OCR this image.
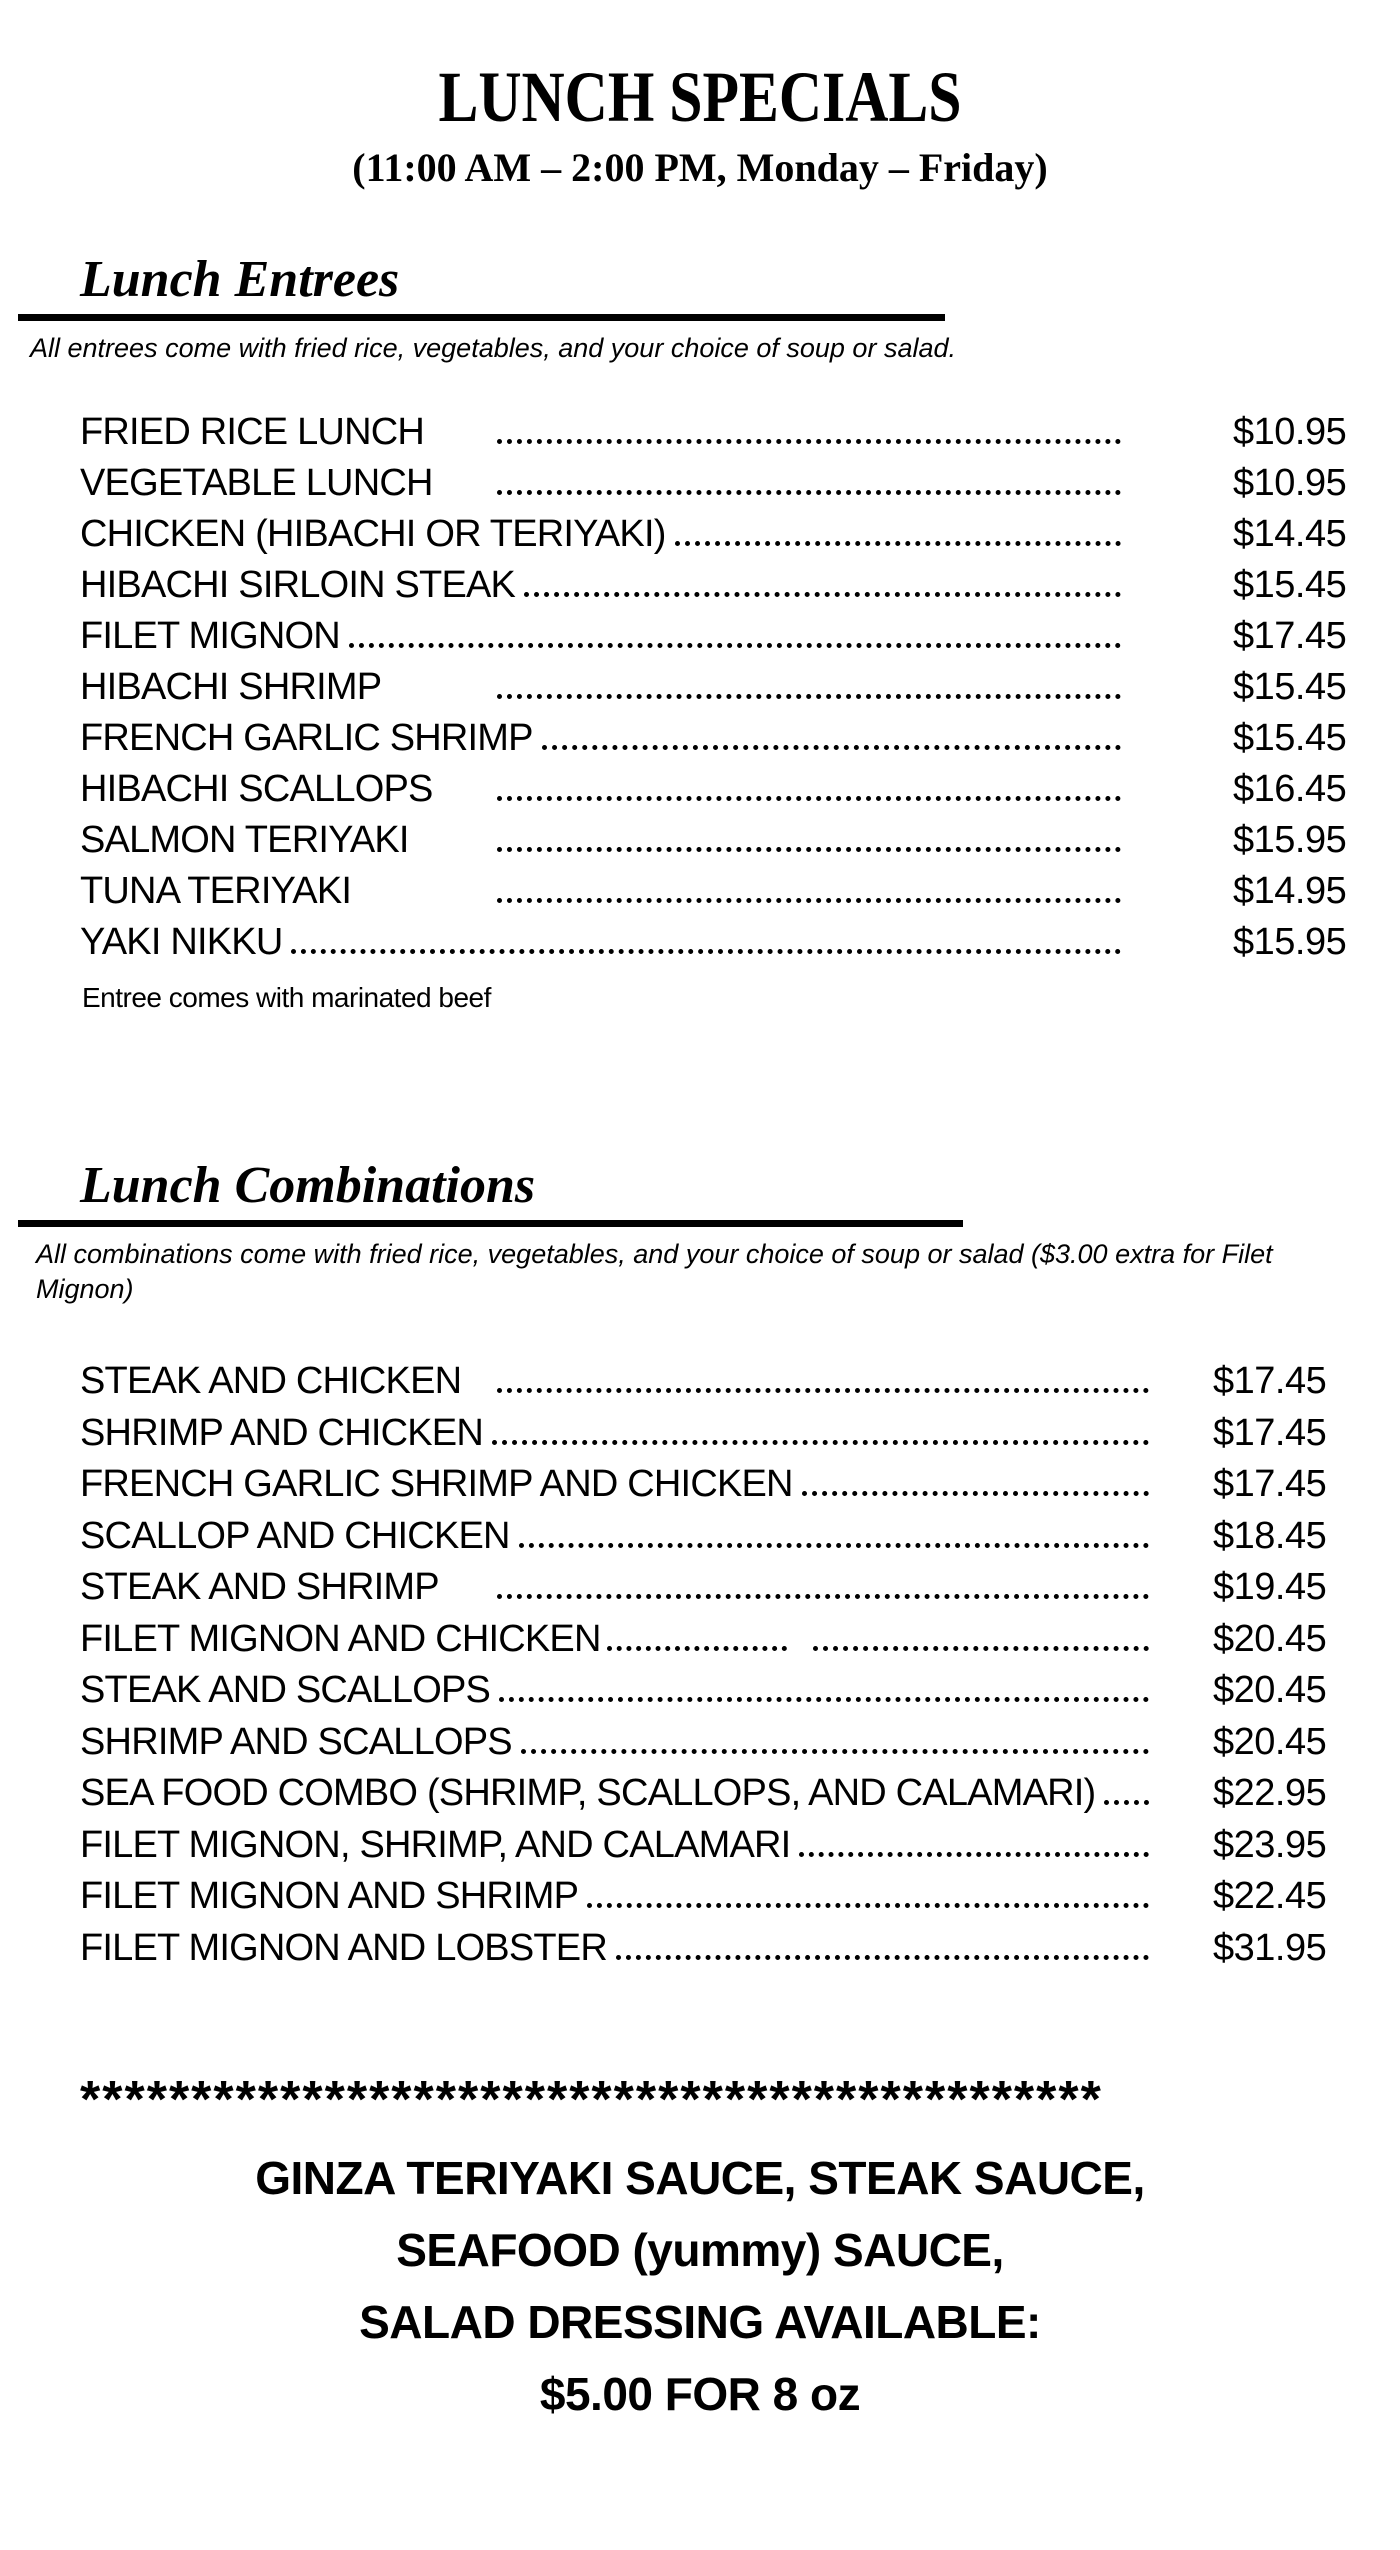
LUNCH SPECIALS
(11:00 AM – 2:00 PM, Monday – Friday)
Lunch Entrees

All entrees come with fried rice, vegetables, and your choice of soup or salad.

FRIED RICE LUNCH	$10.95
VEGETABLE LUNCH	$10.95
CHICKEN (HIBACHI OR TERIYAKI)	$14.45
HIBACHI SIRLOIN STEAK	$15.45
FILET MIGNON	$17.45
HIBACHI SHRIMP	$15.45
FRENCH GARLIC SHRIMP	$15.45
HIBACHI SCALLOPS	$16.45
SALMON TERIYAKI	$15.95
TUNA TERIYAKI	$14.95
YAKI NIKKU	$15.95

Entree comes with marinated beef

Lunch Combinations

All combinations come with fried rice, vegetables, and your choice of soup or salad ($3.00 extra for Filet Mignon)

STEAK AND CHICKEN	$17.45
SHRIMP AND CHICKEN	$17.45
FRENCH GARLIC SHRIMP AND CHICKEN	$17.45
SCALLOP AND CHICKEN	$18.45
STEAK AND SHRIMP	$19.45
FILET MIGNON AND CHICKEN	$20.45
STEAK AND SCALLOPS	$20.45
SHRIMP AND SCALLOPS	$20.45
SEA FOOD COMBO (SHRIMP, SCALLOPS, AND CALAMARI)	$22.95
FILET MIGNON, SHRIMP, AND CALAMARI	$23.95
FILET MIGNON AND SHRIMP	$22.45
FILET MIGNON AND LOBSTER	$31.95
**********************************************
GINZA TERIYAKI SAUCE, STEAK SAUCE,
SEAFOOD (yummy) SAUCE,
SALAD DRESSING AVAILABLE:
$5.00 FOR 8 oz
